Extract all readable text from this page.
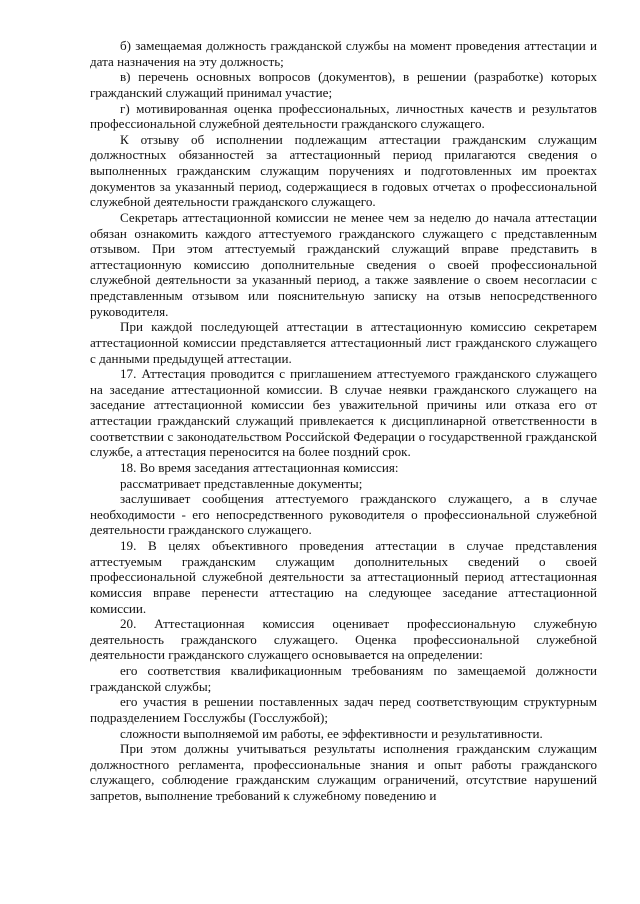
б) замещаемая должность гражданской службы на момент проведения аттестации и дата назначения на эту должность;

в) перечень основных вопросов (документов), в решении (разработке) которых гражданский служащий принимал участие;

г) мотивированная оценка профессиональных, личностных качеств и результатов профессиональной служебной деятельности гражданского служащего.

К отзыву об исполнении подлежащим аттестации гражданским служащим должностных обязанностей за аттестационный период прилагаются сведения о выполненных гражданским служащим поручениях и подготовленных им проектах документов за указанный период, содержащиеся в годовых отчетах о профессиональной служебной деятельности гражданского служащего.

Секретарь аттестационной комиссии не менее чем за неделю до начала аттестации обязан ознакомить каждого аттестуемого гражданского служащего с представленным отзывом. При этом аттестуемый гражданский служащий вправе представить в аттестационную комиссию дополнительные сведения о своей профессиональной служебной деятельности за указанный период, а также заявление о своем несогласии с представленным отзывом или пояснительную записку на отзыв непосредственного руководителя.

При каждой последующей аттестации в аттестационную комиссию секретарем аттестационной комиссии представляется аттестационный лист гражданского служащего с данными предыдущей аттестации.

17. Аттестация проводится с приглашением аттестуемого гражданского служащего на заседание аттестационной комиссии. В случае неявки гражданского служащего на заседание аттестационной комиссии без уважительной причины или отказа его от аттестации гражданский служащий привлекается к дисциплинарной ответственности в соответствии с законодательством Российской Федерации о государственной гражданской службе, а аттестация переносится на более поздний срок.

18. Во время заседания аттестационная комиссия:

рассматривает представленные документы;

заслушивает сообщения аттестуемого гражданского служащего, а в случае необходимости - его непосредственного руководителя о профессиональной служебной деятельности гражданского служащего.

19. В целях объективного проведения аттестации в случае представления аттестуемым гражданским служащим дополнительных сведений о своей профессиональной служебной деятельности за аттестационный период аттестационная комиссия вправе перенести аттестацию на следующее заседание аттестационной комиссии.

20. Аттестационная комиссия оценивает профессиональную служебную деятельность гражданского служащего. Оценка профессиональной служебной деятельности гражданского служащего основывается на определении:

его соответствия квалификационным требованиям по замещаемой должности гражданской службы;

его участия в решении поставленных задач перед соответствующим структурным подразделением Госслужбы (Госслужбой);

сложности выполняемой им работы, ее эффективности и результативности.

При этом должны учитываться результаты исполнения гражданским служащим должностного регламента, профессиональные знания и опыт работы гражданского служащего, соблюдение гражданским служащим ограничений, отсутствие нарушений запретов, выполнение требований к служебному поведению и
